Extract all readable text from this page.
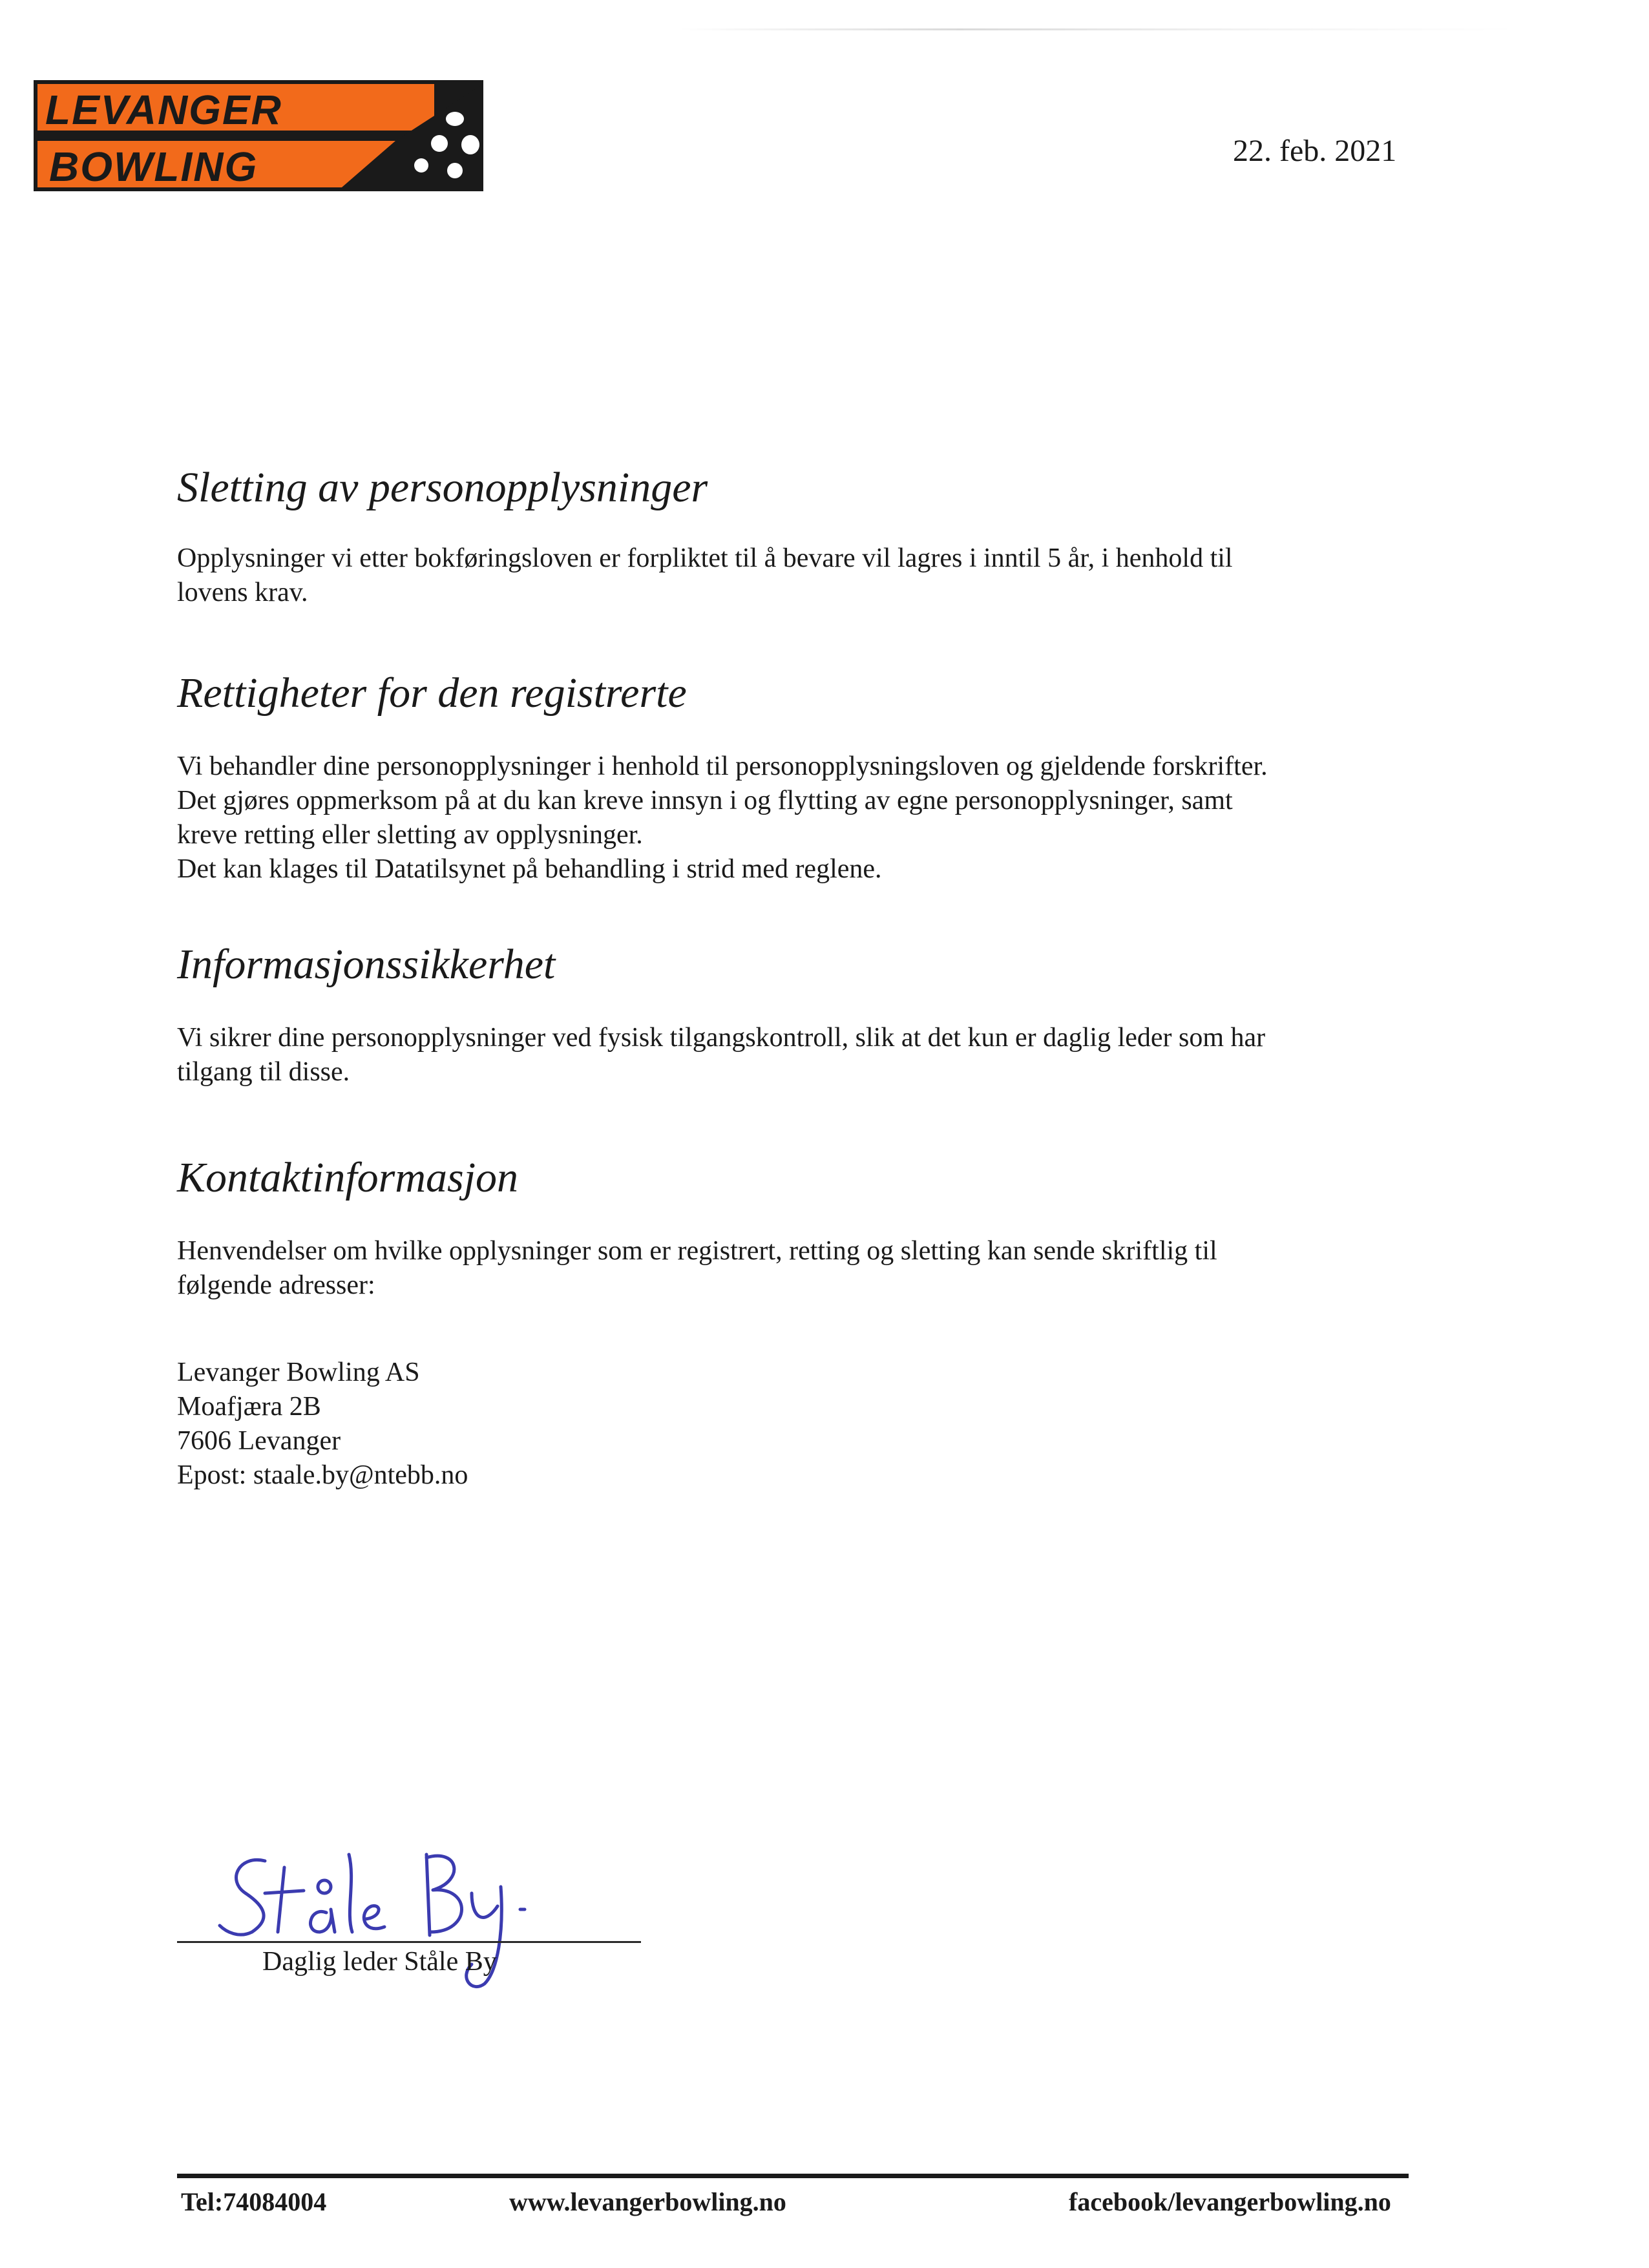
LEVANGER
BOWLING	22. feb. 2021
Sletting av personopplysninger

Opplysninger vi etter bokføringsloven er forpliktet til å bevare vil lagres i inntil 5 år, i henhold til
lovens krav.

Rettigheter for den registrerte

Vi behandler dine personopplysninger i henhold til personopplysningsloven og gjeldende forskrifter.
Det gjøres oppmerksom på at du kan kreve innsyn i og flytting av egne personopplysninger, samt
kreve retting eller sletting av opplysninger.
Det kan klages til Datatilsynet på behandling i strid med reglene.

Informasjonssikkerhet

Vi sikrer dine personopplysninger ved fysisk tilgangskontroll, slik at det kun er daglig leder som har
tilgang til disse.

Kontaktinformasjon

Henvendelser om hvilke opplysninger som er registrert, retting og sletting kan sende skriftlig til
følgende adresser:

Levanger Bowling AS
Moafjæra 2B
7606 Levanger
Epost: staale.by@ntebb.no
Daglig leder Ståle By
Tel:74084004	www.levangerbowling.no	facebook/levangerbowling.no
